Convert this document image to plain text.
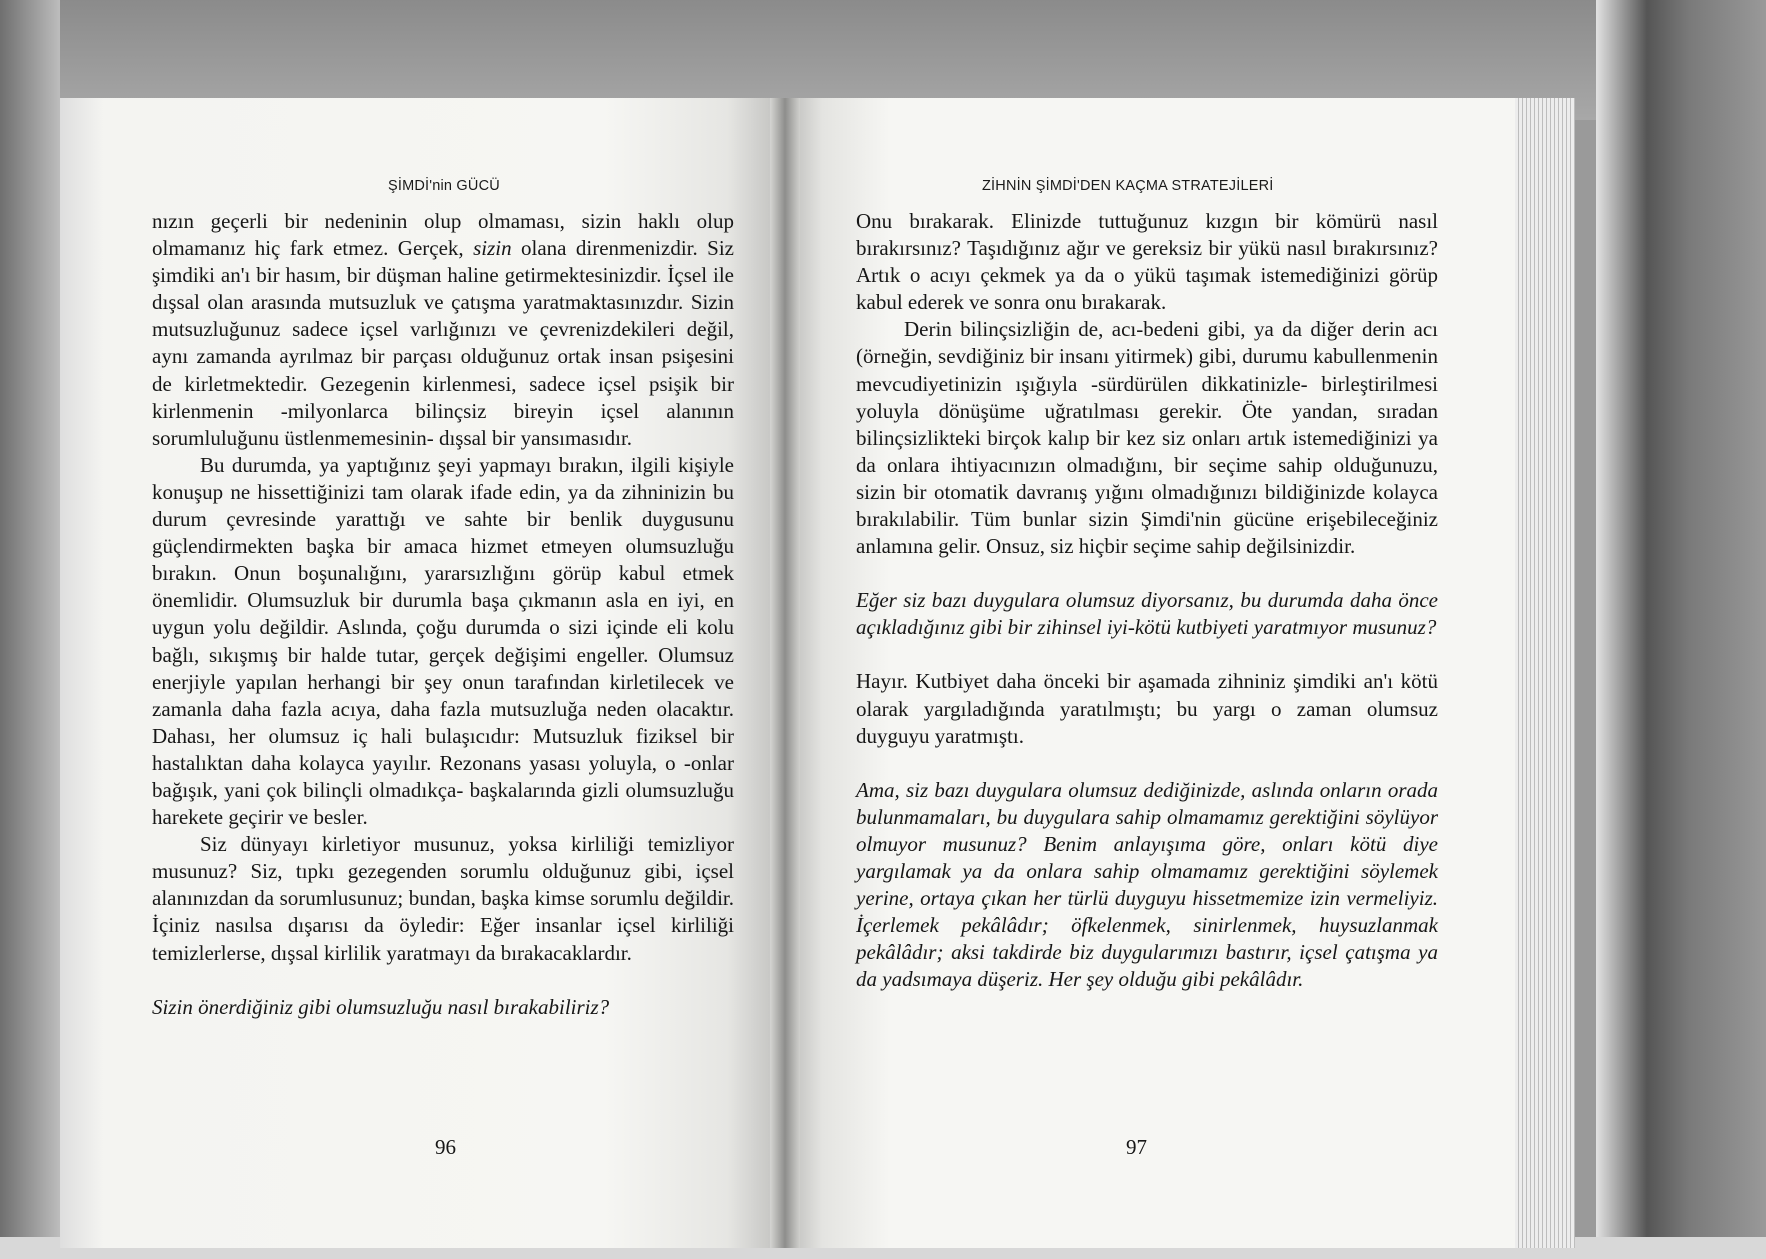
ŞİMDİ'nin GÜCÜ	ZİHNİN ŞİMDİ'DEN KAÇMA STRATEJİLERİ

nızın geçerli bir nedeninin olup olmaması, sizin haklı olup olmamanız hiç fark etmez. Gerçek, sizin olana direnmenizdir. Siz şimdiki an'ı bir hasım, bir düşman haline getirmektesinizdir. İçsel ile dışsal olan arasında mutsuzluk ve çatışma yaratmaktasınızdır. Sizin mutsuzluğunuz sadece içsel varlığınızı ve çevrenizdekileri değil, aynı zamanda ayrılmaz bir parçası olduğunuz ortak insan psişesini de kirletmektedir. Gezegenin kirlenmesi, sadece içsel psişik bir kirlenmenin -milyonlarca bilinçsiz bireyin içsel alanının sorumluluğunu üstlenmemesinin- dışsal bir yansımasıdır.

Bu durumda, ya yaptığınız şeyi yapmayı bırakın, ilgili kişiyle konuşup ne hissettiğinizi tam olarak ifade edin, ya da zihninizin bu durum çevresinde yarattığı ve sahte bir benlik duygusunu güçlendirmekten başka bir amaca hizmet etmeyen olumsuzluğu bırakın. Onun boşunalığını, yararsızlığını görüp kabul etmek önemlidir. Olumsuzluk bir durumla başa çıkmanın asla en iyi, en uygun yolu değildir. Aslında, çoğu durumda o sizi içinde eli kolu bağlı, sıkışmış bir halde tutar, gerçek değişimi engeller. Olumsuz enerjiyle yapılan herhangi bir şey onun tarafından kirletilecek ve zamanla daha fazla acıya, daha fazla mutsuzluğa neden olacaktır. Dahası, her olumsuz iç hali bulaşıcıdır: Mutsuzluk fiziksel bir hastalıktan daha kolayca yayılır. Rezonans yasası yoluyla, o -onlar bağışık, yani çok bilinçli olmadıkça- başkalarında gizli olumsuzluğu harekete geçirir ve besler.

Siz dünyayı kirletiyor musunuz, yoksa kirliliği temizliyor musunuz? Siz, tıpkı gezegenden sorumlu olduğunuz gibi, içsel alanınızdan da sorumlusunuz; bundan, başka kimse sorumlu değildir. İçiniz nasılsa dışarısı da öyledir: Eğer insanlar içsel kirliliği temizlerlerse, dışsal kirlilik yaratmayı da bırakacaklardır.

Sizin önerdiğiniz gibi olumsuzluğu nasıl bırakabiliriz?

Onu bırakarak. Elinizde tuttuğunuz kızgın bir kömürü nasıl bırakırsınız? Taşıdığınız ağır ve gereksiz bir yükü nasıl bırakırsınız? Artık o acıyı çekmek ya da o yükü taşımak istemediğinizi görüp kabul ederek ve sonra onu bırakarak.

Derin bilinçsizliğin de, acı-bedeni gibi, ya da diğer derin acı (örneğin, sevdiğiniz bir insanı yitirmek) gibi, durumu kabullenmenin mevcudiyetinizin ışığıyla -sürdürülen dikkatinizle- birleştirilmesi yoluyla dönüşüme uğratılması gerekir. Öte yandan, sıradan bilinçsizlikteki birçok kalıp bir kez siz onları artık istemediğinizi ya da onlara ihtiyacınızın olmadığını, bir seçime sahip olduğunuzu, sizin bir otomatik davranış yığını olmadığınızı bildiğinizde kolayca bırakılabilir. Tüm bunlar sizin Şimdi'nin gücüne erişebileceğiniz anlamına gelir. Onsuz, siz hiçbir seçime sahip değilsinizdir.

Eğer siz bazı duygulara olumsuz diyorsanız, bu durumda daha önce açıkladığınız gibi bir zihinsel iyi-kötü kutbiyeti yaratmıyor musunuz?

Hayır. Kutbiyet daha önceki bir aşamada zihniniz şimdiki an'ı kötü olarak yargıladığında yaratılmıştı; bu yargı o zaman olumsuz duyguyu yaratmıştı.

Ama, siz bazı duygulara olumsuz dediğinizde, aslında onların orada bulunmamaları, bu duygulara sahip olmamamız gerektiğini söylüyor olmuyor musunuz? Benim anlayışıma göre, onları kötü diye yargılamak ya da onlara sahip olmamamız gerektiğini söylemek yerine, ortaya çıkan her türlü duyguyu hissetmemize izin vermeliyiz. İçerlemek pekâlâdır; öfkelenmek, sinirlenmek, huysuzlanmak pekâlâdır; aksi takdirde biz duygularımızı bastırır, içsel çatışma ya da yadsımaya düşeriz. Her şey olduğu gibi pekâlâdır.

96	97
